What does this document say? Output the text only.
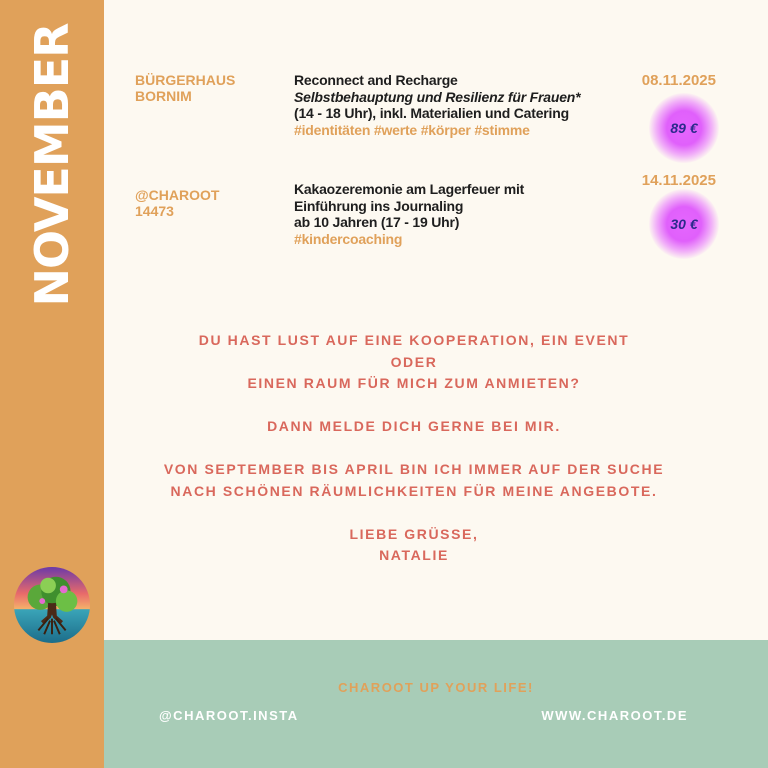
NOVEMBER	BÜRGERHAUS
BORNIM
Reconnect and Recharge
Selbstbehauptung und Resilienz für Frauen*
(14 - 18 Uhr), inkl. Materialien und Catering
#identitäten #werte #körper #stimme
08.11.2025
89 €
@CHAROOT
14473
Kakaozeremonie am Lagerfeuer mit
Einführung ins Journaling
ab 10 Jahren (17 - 19 Uhr)
#kindercoaching
14.11.2025
30 €
DU HAST LUST AUF EINE KOOPERATION, EIN EVENT
ODER
EINEN RAUM FÜR MICH ZUM ANMIETEN?
DANN MELDE DICH GERNE BEI MIR.
VON SEPTEMBER BIS APRIL BIN ICH IMMER AUF DER SUCHE
NACH SCHÖNEN RÄUMLICHKEITEN FÜR MEINE ANGEBOTE.
LIEBE GRÜSSE,
NATALIE
CHAROOT UP YOUR LIFE!
@CHAROOT.INSTA	WWW.CHAROOT.DE
